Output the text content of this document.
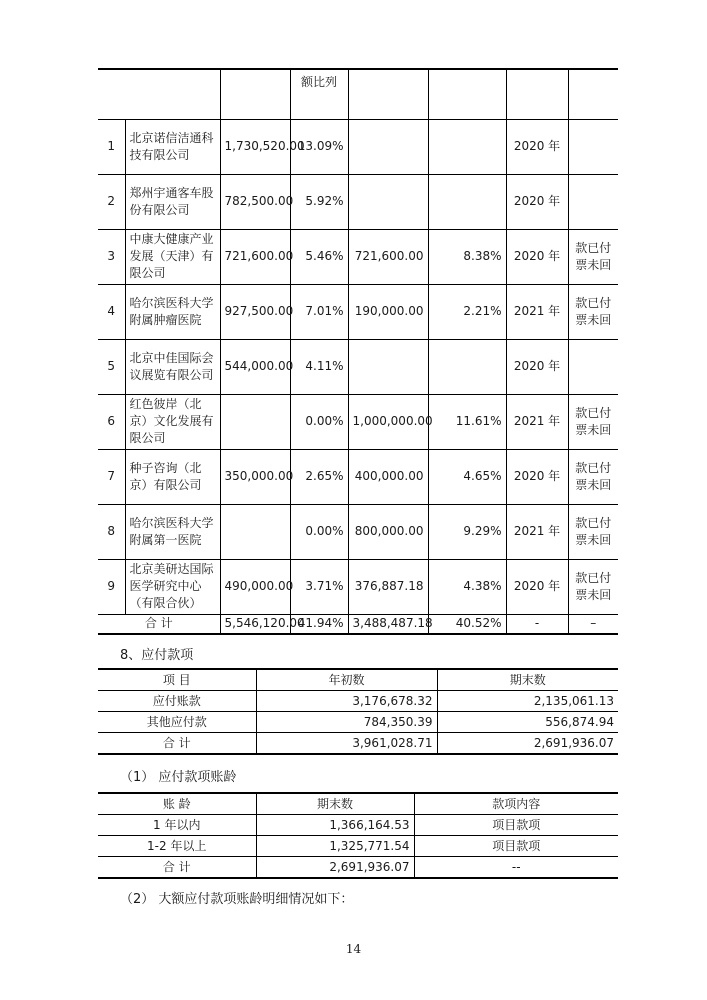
			额比列				
1	北京诺信洁通科技有限公司	1,730,520.00	13.09%			2020 年	
2	郑州宇通客车股份有限公司	782,500.00	5.92%			2020 年	
3	中康大健康产业发展（天津）有限公司	721,600.00	5.46%	721,600.00	8.38%	2020 年	款已付票未回
4	哈尔滨医科大学附属肿瘤医院	927,500.00	7.01%	190,000.00	2.21%	2021 年	款已付票未回
5	北京中佳国际会议展览有限公司	544,000.00	4.11%			2020 年	
6	红色彼岸（北京）文化发展有限公司		0.00%	1,000,000.00	11.61%	2021 年	款已付票未回
7	种子咨询（北京）有限公司	350,000.00	2.65%	400,000.00	4.65%	2020 年	款已付票未回
8	哈尔滨医科大学附属第一医院		0.00%	800,000.00	9.29%	2021 年	款已付票未回
9	北京美研达国际医学研究中心（有限合伙）	490,000.00	3.71%	376,887.18	4.38%	2020 年	款已付票未回
合 计		5,546,120.00	41.94%	3,488,487.18	40.52%	-	–
8、应付款项
项 目	年初数	期末数
应付账款	3,176,678.32	2,135,061.13
其他应付款	784,350.39	556,874.94
合 计	3,961,028.71	2,691,936.07
（1） 应付款项账龄
账 龄	期末数	款项内容
1 年以内	1,366,164.53	项目款项
1-2 年以上	1,325,771.54	项目款项
合 计	2,691,936.07	--
（2） 大额应付款项账龄明细情况如下：
14
